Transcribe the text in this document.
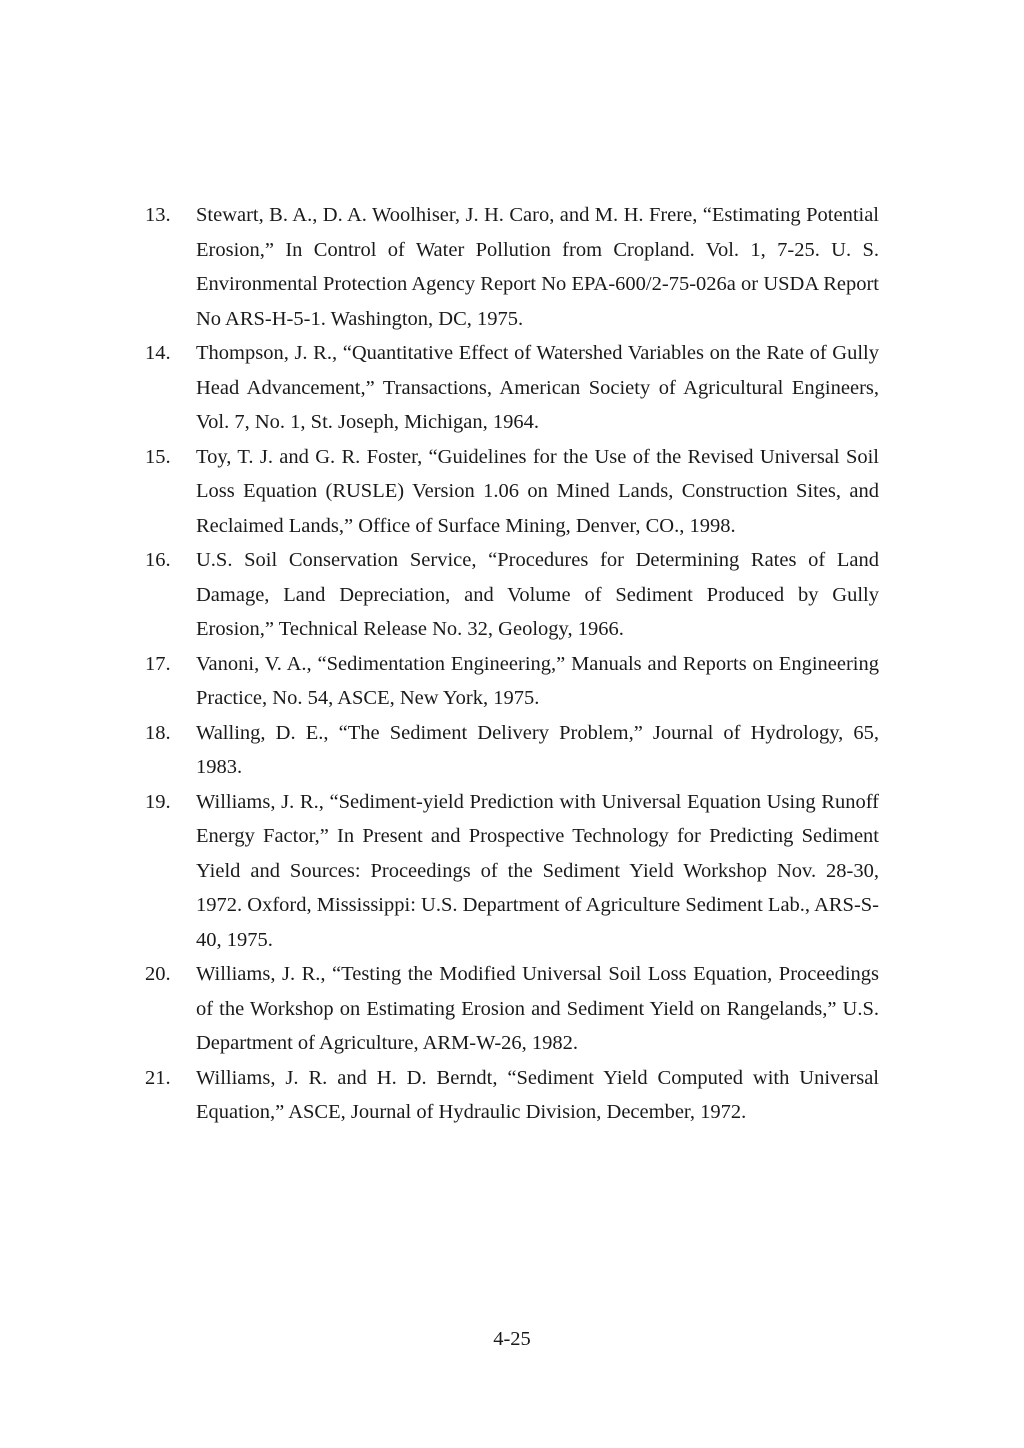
13.	Stewart, B. A., D. A. Woolhiser, J. H. Caro, and M. H. Frere, “Estimating Potential Erosion,” In Control of Water Pollution from Cropland. Vol. 1, 7-25. U. S. Environmental Protection Agency Report No EPA-600/2-75-026a or USDA Report No ARS-H-5-1. Washington, DC, 1975.
14.	Thompson, J. R., “Quantitative Effect of Watershed Variables on the Rate of Gully Head Advancement,” Transactions, American Society of Agricultural Engineers, Vol. 7, No. 1, St. Joseph, Michigan, 1964.
15.	Toy, T. J. and G. R. Foster, “Guidelines for the Use of the Revised Universal Soil Loss Equation (RUSLE) Version 1.06 on Mined Lands, Construction Sites, and Reclaimed Lands,” Office of Surface Mining, Denver, CO., 1998.
16.	U.S. Soil Conservation Service, “Procedures for Determining Rates of Land Damage, Land Depreciation, and Volume of Sediment Produced by Gully Erosion,” Technical Release No. 32, Geology, 1966.
17.	Vanoni, V. A., “Sedimentation Engineering,” Manuals and Reports on Engineering Practice, No. 54, ASCE, New York, 1975.
18.	Walling, D. E., “The Sediment Delivery Problem,” Journal of Hydrology, 65, 1983.
19.	Williams, J. R., “Sediment-yield Prediction with Universal Equation Using Runoff Energy Factor,” In Present and Prospective Technology for Predicting Sediment Yield and Sources: Proceedings of the Sediment Yield Workshop Nov. 28-30, 1972. Oxford, Mississippi: U.S. Department of Agriculture Sediment Lab., ARS-S-40, 1975.
20.	Williams, J. R., “Testing the Modified Universal Soil Loss Equation, Proceedings of the Workshop on Estimating Erosion and Sediment Yield on Rangelands,” U.S. Department of Agriculture, ARM-W-26, 1982.
21.	Williams, J. R. and H. D. Berndt, “Sediment Yield Computed with Universal Equation,” ASCE, Journal of Hydraulic Division, December, 1972.
4-25
